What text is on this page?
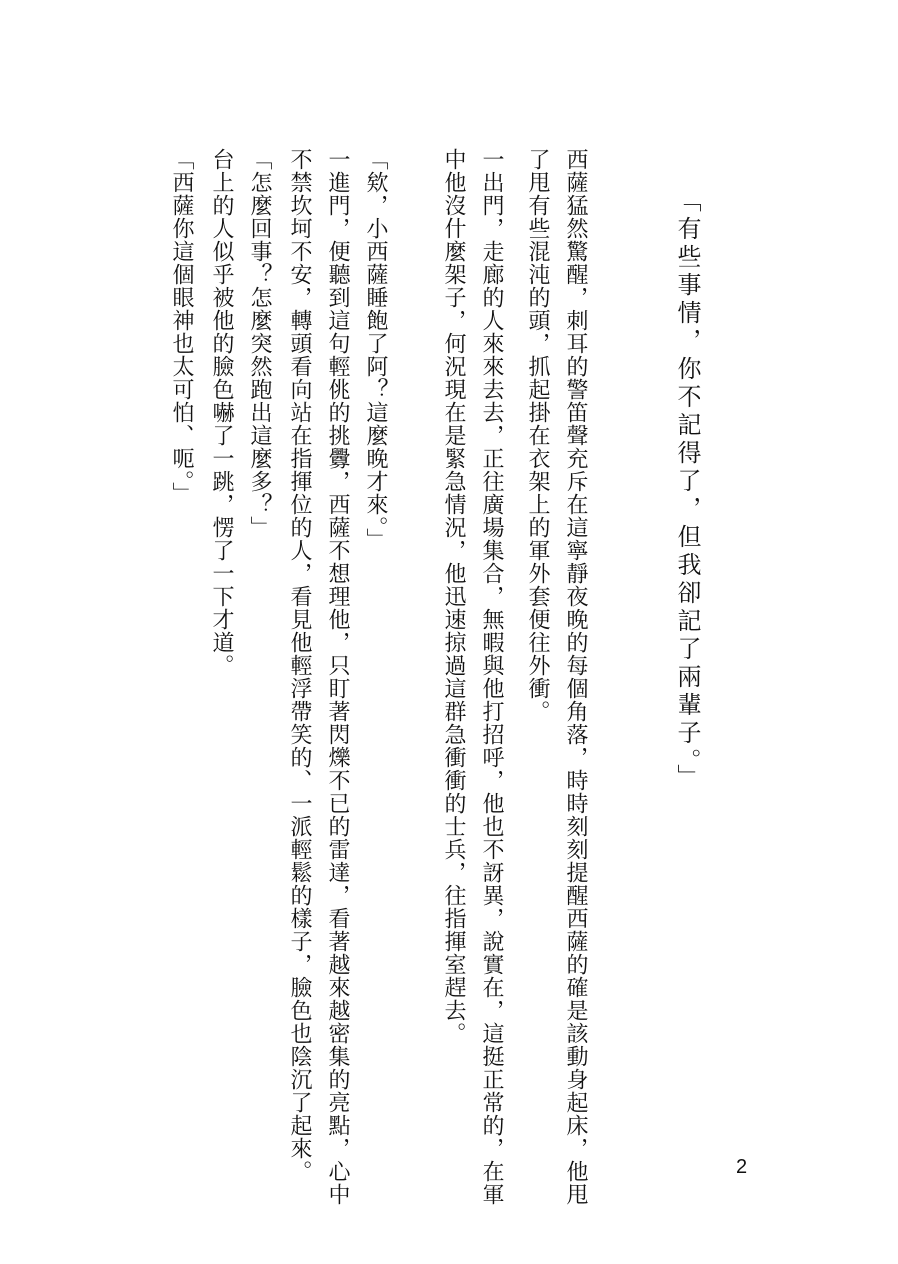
「有些事情，你不記得了，但我卻記了兩輩子。」
西薩猛然驚醒，刺耳的警笛聲充斥在這寧靜夜晚的每個角落，時時刻刻提醒西薩的確是該動身起床，他甩
了甩有些混沌的頭，抓起掛在衣架上的軍外套便往外衝。
一出門，走廊的人來來去去，正往廣場集合，無暇與他打招呼，他也不訝異，說實在，這挺正常的，在軍
中他沒什麼架子，何況現在是緊急情況，他迅速掠過這群急衝衝的士兵，往指揮室趕去。
「欸，小西薩睡飽了阿？這麼晚才來。」
一進門，便聽到這句輕佻的挑釁，西薩不想理他，只盯著閃爍不已的雷達，看著越來越密集的亮點，心中
不禁坎坷不安，轉頭看向站在指揮位的人，看見他輕浮帶笑的、一派輕鬆的樣子，臉色也陰沉了起來。
「怎麼回事？怎麼突然跑出這麼多？」
台上的人似乎被他的臉色嚇了一跳，愣了一下才道。
「西薩你這個眼神也太可怕、呃。」
2
